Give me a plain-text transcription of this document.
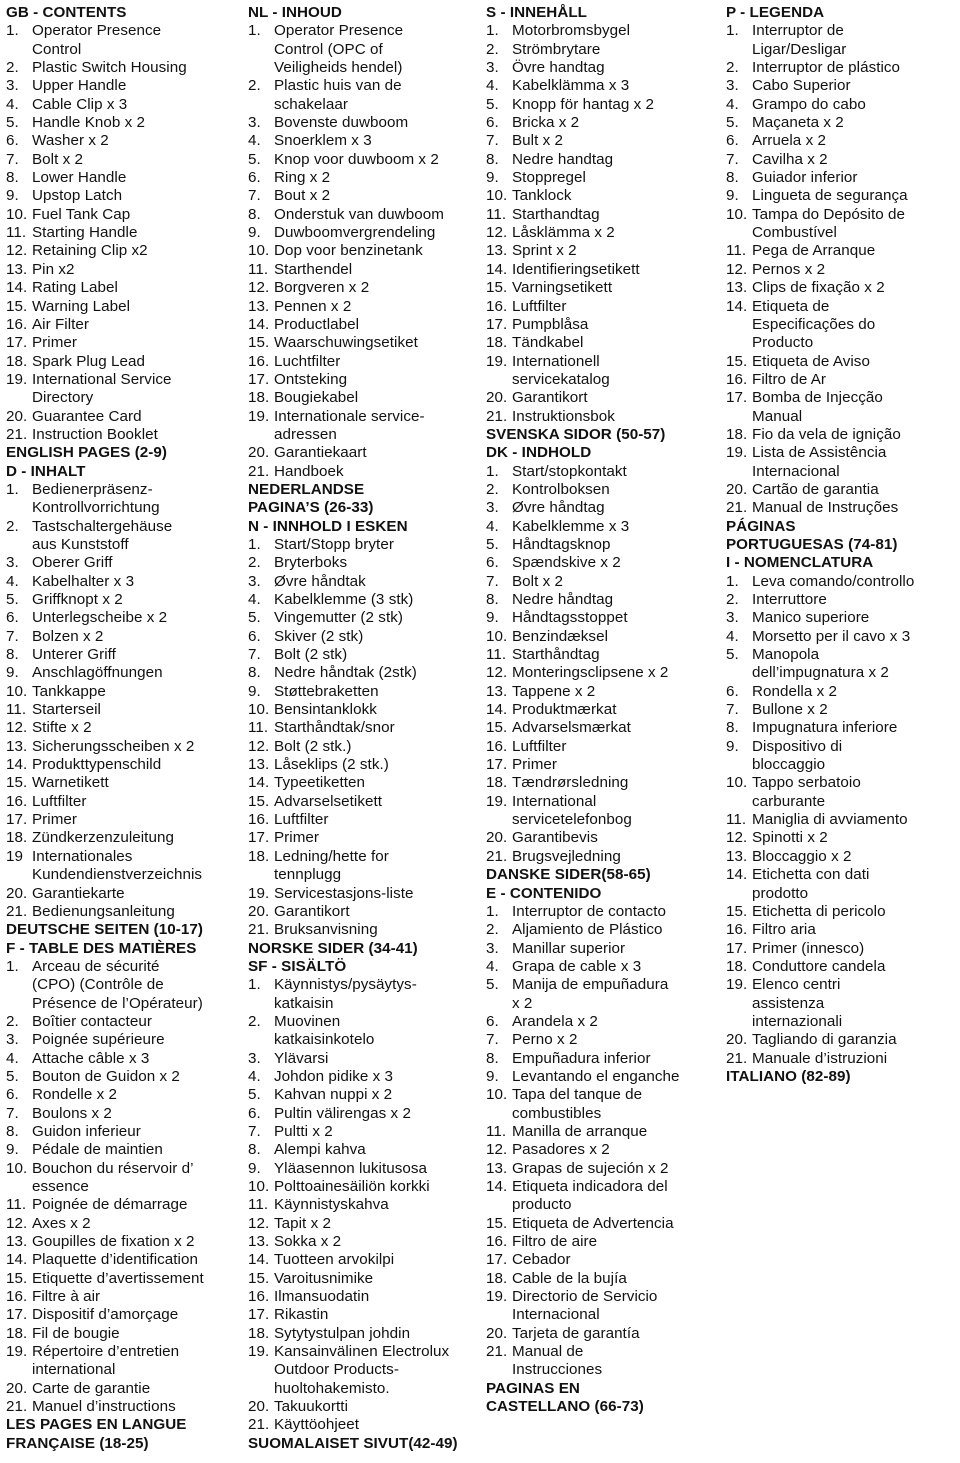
GB - CONTENTS
1. Operator Presence
Control
2. Plastic Switch Housing
3. Upper Handle
4. Cable Clip x 3
5. Handle Knob x 2
6. Washer x 2
7. Bolt x 2
8. Lower Handle
9. Upstop Latch
10. Fuel Tank Cap
11. Starting Handle
12. Retaining Clip x2
13. Pin x2
14. Rating Label
15. Warning Label
16. Air Filter
17. Primer
18. Spark Plug Lead
19. International Service
Directory
20. Guarantee Card
21. Instruction Booklet
ENGLISH PAGES (2-9)
D - INHALT
1. Bedienerpräsenz-
Kontrollvorrichtung
2. Tastschaltergehäuse
aus Kunststoff
3. Oberer Griff
4. Kabelhalter x 3
5. Griffknopt x 2
6. Unterlegscheibe x 2
7. Bolzen x 2
8. Unterer Griff
9. Anschlagöffnungen
10. Tankkappe
11. Starterseil
12. Stifte x 2
13. Sicherungsscheiben x 2
14. Produkttypenschild
15. Warnetikett
16. Luftfilter
17. Primer
18. Zündkerzenzuleitung
19 Internationales
Kundendienstverzeichnis
20. Garantiekarte
21. Bedienungsanleitung
DEUTSCHE SEITEN (10-17)
F - TABLE DES MATIÈRES
1. Arceau de sécurité
(CPO) (Contrôle de
Présence de l’Opérateur)
2. Boîtier contacteur
3. Poignée supérieure
4. Attache câble x 3
5. Bouton de Guidon x 2
6. Rondelle x 2
7. Boulons x 2
8. Guidon inferieur
9. Pédale de maintien
10. Bouchon du réservoir d’
essence
11. Poignée de démarrage
12. Axes x 2
13. Goupilles de fixation x 2
14. Plaquette d’identification
15. Etiquette d’avertissement
16. Filtre à air
17. Dispositif d’amorçage
18. Fil de bougie
19. Répertoire d’entretien
international
20. Carte de garantie
21. Manuel d’instructions
LES PAGES EN LANGUE
FRANÇAISE (18-25)
NL - INHOUD
1. Operator Presence
Control (OPC of
Veiligheids hendel)
2. Plastic huis van de
schakelaar
3. Bovenste duwboom
4. Snoerklem x 3
5. Knop voor duwboom x 2
6. Ring x 2
7. Bout x 2
8. Onderstuk van duwboom
9. Duwboomvergrendeling
10. Dop voor benzinetank
11. Starthendel
12. Borgveren x 2
13. Pennen x 2
14. Productlabel
15. Waarschuwingsetiket
16. Luchtfilter
17. Ontsteking
18. Bougiekabel
19. Internationale service-
adressen
20. Garantiekaart
21. Handboek
NEDERLANDSE
PAGINA’S (26-33)
N - INNHOLD I ESKEN
1. Start/Stopp bryter
2. Bryterboks
3. Øvre håndtak
4. Kabelklemme (3 stk)
5. Vingemutter (2 stk)
6. Skiver (2 stk)
7. Bolt (2 stk)
8. Nedre håndtak (2stk)
9. Støttebraketten
10. Bensintanklokk
11. Starthåndtak/snor
12. Bolt (2 stk.)
13. Låseklips (2 stk.)
14. Typeetiketten
15. Advarselsetikett
16. Luftfilter
17. Primer
18. Ledning/hette for
tennplugg
19. Servicestasjons-liste
20. Garantikort
21. Bruksanvisning
NORSKE SIDER (34-41)
SF - SISÄLTÖ
1. Käynnistys/pysäytys-
katkaisin
2. Muovinen
katkaisinkotelo
3. Ylävarsi
4. Johdon pidike x 3
5. Kahvan nuppi x 2
6. Pultin välirengas x 2
7. Pultti x 2
8. Alempi kahva
9. Yläasennon lukitusosa
10. Polttoainesäiliön korkki
11. Käynnistyskahva
12. Tapit x 2
13. Sokka x 2
14. Tuotteen arvokilpi
15. Varoitusnimike
16. Ilmansuodatin
17. Rikastin
18. Sytytystulpan johdin
19. Kansainvälinen Electrolux
Outdoor Products-
huoltohakemisto.
20. Takuukortti
21. Käyttöohjeet
SUOMALAISET SIVUT(42-49)
S - INNEHÅLL
1. Motorbromsbygel
2. Strömbrytare
3. Övre handtag
4. Kabelklämma x 3
5. Knopp för hantag x 2
6. Bricka x 2
7. Bult x 2
8. Nedre handtag
9. Stoppregel
10. Tanklock
11. Starthandtag
12. Låsklämma x 2
13. Sprint x 2
14. Identifieringsetikett
15. Varningsetikett
16. Luftfilter
17. Pumpblåsa
18. Tändkabel
19. Internationell
servicekatalog
20. Garantikort
21. Instruktionsbok
SVENSKA SIDOR (50-57)
DK - INDHOLD
1. Start/stopkontakt
2. Kontrolboksen
3. Øvre håndtag
4. Kabelklemme x 3
5. Håndtagsknop
6. Spændskive x 2
7. Bolt x 2
8. Nedre håndtag
9. Håndtagsstoppet
10. Benzindæksel
11. Starthåndtag
12. Monteringsclipsene x 2
13. Tappene x 2
14. Produktmærkat
15. Advarselsmærkat
16. Luftfilter
17. Primer
18. Tændrørsledning
19. International
servicetelefonbog
20. Garantibevis
21. Brugsvejledning
DANSKE SIDER(58-65)
E - CONTENIDO
1. Interruptor de contacto
2. Aljamiento de Plástico
3. Manillar superior
4. Grapa de cable x 3
5. Manija de empuñadura
x 2
6. Arandela x 2
7. Perno x 2
8. Empuñadura inferior
9. Levantando el enganche
10. Tapa del tanque de
combustibles
11. Manilla de arranque
12. Pasadores x 2
13. Grapas de sujeción x 2
14. Etiqueta indicadora del
producto
15. Etiqueta de Advertencia
16. Filtro de aire
17. Cebador
18. Cable de la bujía
19. Directorio de Servicio
Internacional
20. Tarjeta de garantía
21. Manual de
Instrucciones
PAGINAS EN
CASTELLANO (66-73)
P - LEGENDA
1. Interruptor de
Ligar/Desligar
2. Interruptor de plástico
3. Cabo Superior
4. Grampo do cabo
5. Maçaneta x 2
6. Arruela x 2
7. Cavilha x 2
8. Guiador inferior
9. Lingueta de segurança
10. Tampa do Depósito de
Combustível
11. Pega de Arranque
12. Pernos x 2
13. Clips de fixação x 2
14. Etiqueta de
Especificações do
Producto
15. Etiqueta de Aviso
16. Filtro de Ar
17. Bomba de Injecção
Manual
18. Fio da vela de ignição
19. Lista de Assistência
Internacional
20. Cartão de garantia
21. Manual de Instruções
PÁGINAS
PORTUGUESAS (74-81)
I - NOMENCLATURA
1. Leva comando/controllo
2. Interruttore
3. Manico superiore
4. Morsetto per il cavo x 3
5. Manopola
dell’impugnatura x 2
6. Rondella x 2
7. Bullone x 2
8. Impugnatura inferiore
9. Dispositivo di
bloccaggio
10. Tappo serbatoio
carburante
11. Maniglia di avviamento
12. Spinotti x 2
13. Bloccaggio x 2
14. Etichetta con dati
prodotto
15. Etichetta di pericolo
16. Filtro aria
17. Primer (innesco)
18. Conduttore candela
19. Elenco centri
assistenza
internazionali
20. Tagliando di garanzia
21. Manuale d’istruzioni
ITALIANO (82-89)
